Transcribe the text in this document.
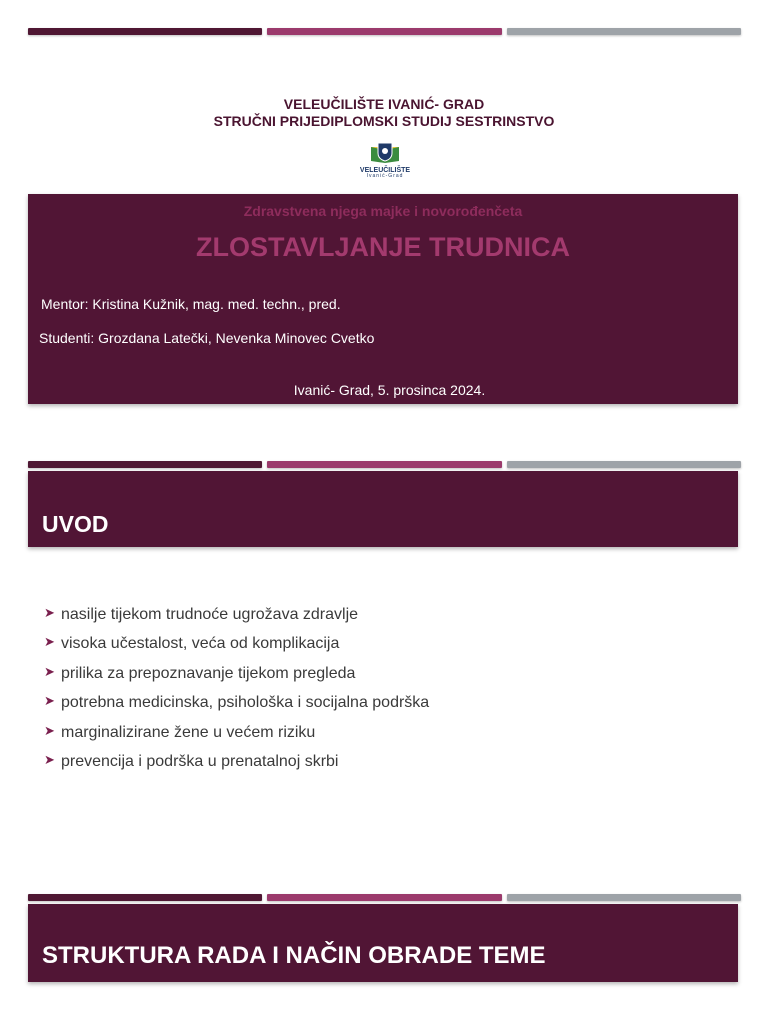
VELEUČILIŠTE IVANIĆ- GRAD
STRUČNI PRIJEDIPLOMSKI STUDIJ SESTRINSTVO
VELEUČILIŠTE
Ivanić-Grad
Zdravstvena njega majke i novorođenčeta
ZLOSTAVLJANJE TRUDNICA
Mentor: Kristina Kužnik, mag. med. techn., pred.
Studenti: Grozdana Latečki, Nevenka Minovec Cvetko
Ivanić- Grad, 5. prosinca 2024.
UVOD
➤ nasilje tijekom trudnoće ugrožava zdravlje
➤ visoka učestalost, veća od komplikacija
➤ prilika za prepoznavanje tijekom pregleda
➤ potrebna medicinska, psihološka i socijalna podrška
➤ marginalizirane žene u većem riziku
➤ prevencija i podrška u prenatalnoj skrbi
STRUKTURA RADA I NAČIN OBRADE TEME
